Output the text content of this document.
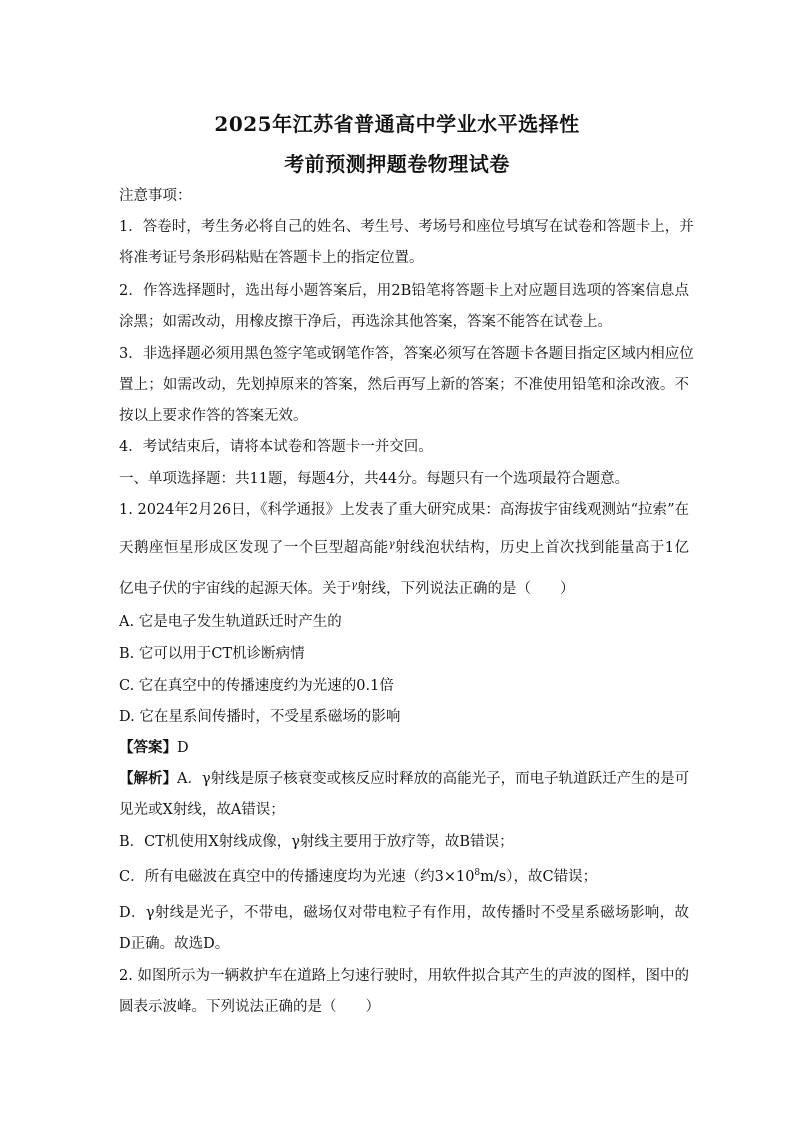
2025年江苏省普通高中学业水平选择性
考前预测押题卷物理试卷
注意事项：
1．答卷时，考生务必将自己的姓名、考生号、考场号和座位号填写在试卷和答题卡上，并
将准考证号条形码粘贴在答题卡上的指定位置。
2．作答选择题时，选出每小题答案后，用2B铅笔将答题卡上对应题目选项的答案信息点
涂黑；如需改动，用橡皮擦干净后，再选涂其他答案，答案不能答在试卷上。
3．非选择题必须用黑色签字笔或钢笔作答，答案必须写在答题卡各题目指定区域内相应位
置上；如需改动，先划掉原来的答案，然后再写上新的答案；不准使用铅笔和涂改液。不
按以上要求作答的答案无效。
4．考试结束后，请将本试卷和答题卡一并交回。
一、单项选择题：共11题，每题4分，共44分。每题只有一个选项最符合题意。
1. 2024年2月26日，《科学通报》上发表了重大研究成果：高海拔宇宙线观测站“拉索”在
天鹅座恒星形成区发现了一个巨型超高能$^\gamma$射线泡状结构，历史上首次找到能量高于1亿
亿电子伏的宇宙线的起源天体。关于$^\gamma$射线，下列说法正确的是（　　）
A. 它是电子发生轨道跃迁时产生的
B. 它可以用于CT机诊断病情
C. 它在真空中的传播速度约为光速的0.1倍
D. 它在星系间传播时，不受星系磁场的影响
【答案】D
【解析】A．γ射线是原子核衰变或核反应时释放的高能光子，而电子轨道跃迁产生的是可
见光或X射线，故A错误；
B．CT机使用X射线成像，γ射线主要用于放疗等，故B错误；
C．所有电磁波在真空中的传播速度均为光速（约$3\times 10^8m/s$），故C错误；
D．γ射线是光子，不带电，磁场仅对带电粒子有作用，故传播时不受星系磁场影响，故
D正确。故选D。
2. 如图所示为一辆救护车在道路上匀速行驶时，用软件拟合其产生的声波的图样，图中的
圆表示波峰。下列说法正确的是（　　）
